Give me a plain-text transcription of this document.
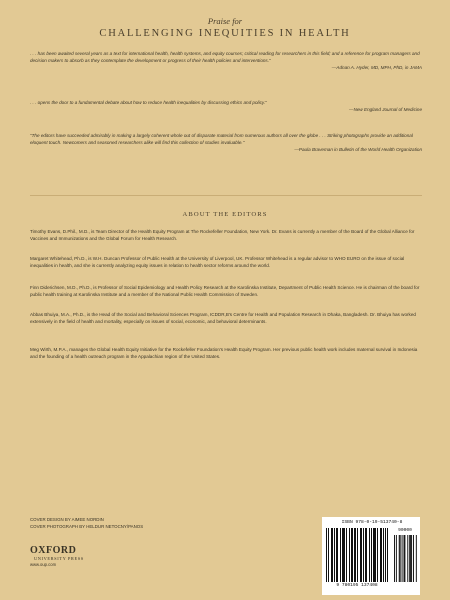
Praise for
CHALLENGING INEQUITIES IN HEALTH
. . . has been awaited several years as a text for international health, health systems, and equity courses; critical reading for researchers in this field; and a reference for program managers and decision makers to absorb as they contemplate the development or progress of their health policies and interventions."
—Adnan A. Hyder, MD, MPH, PhD, in JAMA
. . . opens the door to a fundamental debate about how to reduce health inequalities by discussing ethics and policy."
—New England Journal of Medicine
"The editors have succeeded admirably in making a largely coherent whole out of disparate material from numerous authors all over the globe . . . Striking photographs provide an additional eloquent touch. Newcomers and seasoned researchers alike will find this collection of studies invaluable."
—Paula Braveman in Bulletin of the World Health Organization
ABOUT THE EDITORS
Timothy Evans, D.Phil., M.D., is Team Director of the Health Equity Program at The Rockefeller Foundation, New York. Dr. Evans is currently a member of the Board of the Global Alliance for Vaccines and Immunizations and the Global Forum for Health Research.
Margaret Whitehead, Ph.D., is W.H. Duncan Professor of Public Health at the University of Liverpool, UK. Professor Whitehead is a regular advisor to WHO EURO on the issue of social inequalities in health, and she is currently analyzing equity issues in relation to health sector reforms around the world.
Finn Diderichsen, M.D., Ph.D., is Professor of Social Epidemiology and Health Policy Research at the Karolinska Institute, Department of Public Health Science. He is chairman of the board for public health training at Karolinska Institute and a member of the National Public Health Commission of Sweden.
Abbas Bhuiya, M.A., Ph.D., is the Head of the Social and Behavioral Sciences Program, ICDDR,B's Centre for Health and Population Research in Dhaka, Bangladesh. Dr. Bhuiya has worked extensively in the field of health and mortality, especially on issues of social, economic, and behavioral determinants.
Meg Wirth, M.P.A., manages the Global Health Equity Initiative for the Rockefeller Foundation's Health Equity Program. Her previous public health work includes maternal survival in Indonesia and the founding of a health outreach program in the Appalachian region of the United States.
COVER DESIGN BY AIMEE NORDIN
COVER PHOTOGRAPH BY HELDUR NETOCNY/PANOS
OXFORD
UNIVERSITY PRESS
www.oup.com
ISBN 978-0-19-513740-8
90000
9 780195 137408
